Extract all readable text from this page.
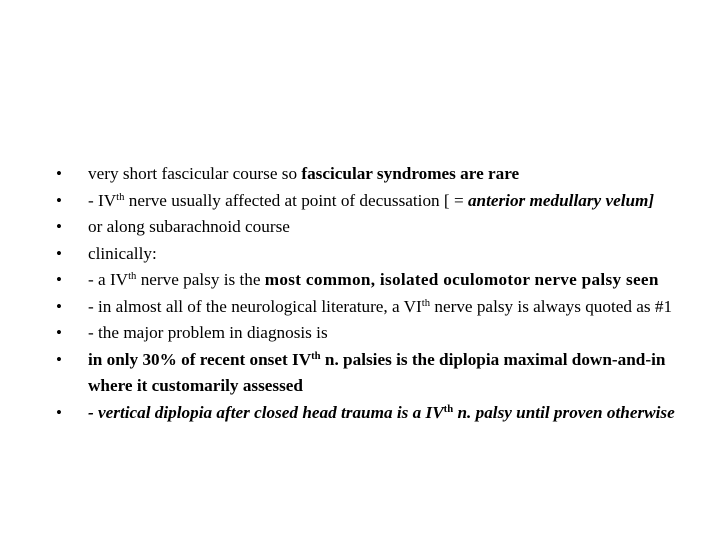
• very short fascicular course so fascicular syndromes are rare
• - IVth nerve usually affected at point of decussation [ = anterior medullary velum]
• or along subarachnoid course
• clinically:
• - a IVth nerve palsy is the most common, isolated oculomotor nerve palsy seen
• - in almost all of the neurological literature, a VIth nerve palsy is always quoted as #1
• - the major problem in diagnosis is
• in only 30% of recent onset IVth n. palsies is the diplopia maximal down-and-in where it customarily assessed
• - vertical diplopia after closed head trauma is a IVth n. palsy until proven otherwise
